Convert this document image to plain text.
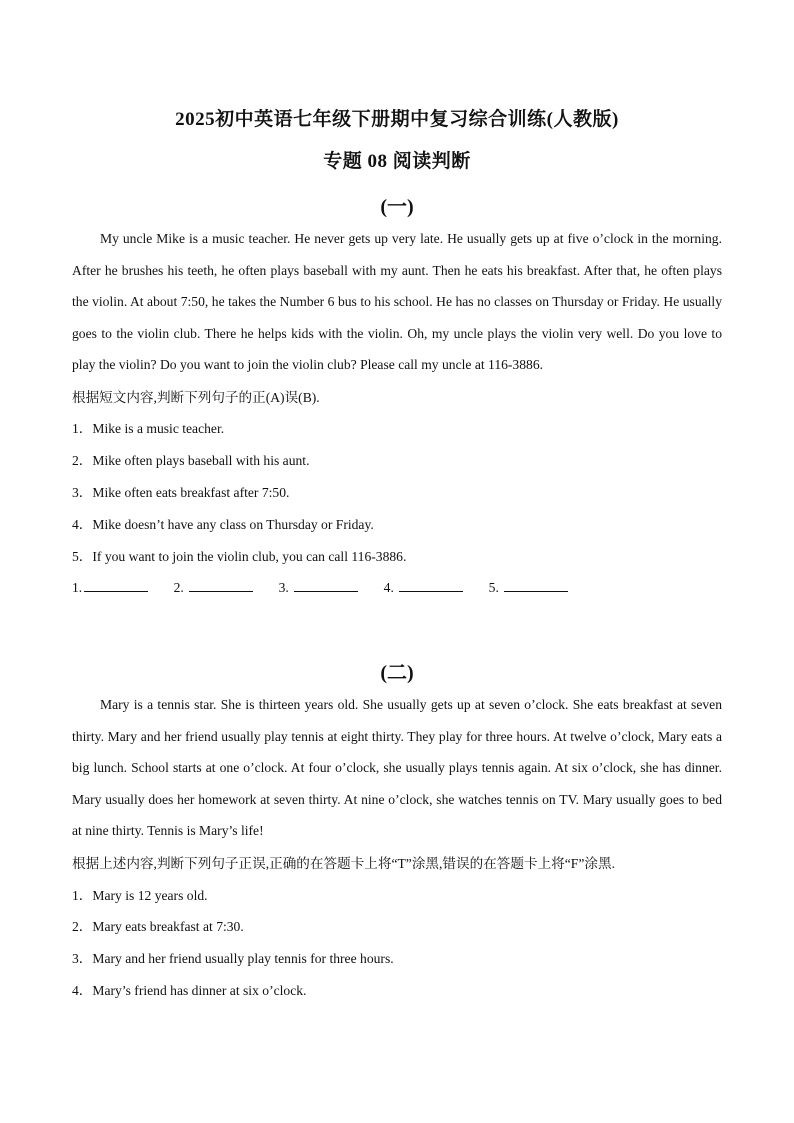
2025初中英语七年级下册期中复习综合训练(人教版)
专题 08 阅读判断
(一)

My uncle Mike is a music teacher. He never gets up very late. He usually gets up at five o’clock in the morning. After he brushes his teeth, he often plays baseball with my aunt. Then he eats his breakfast. After that, he often plays the violin. At about 7:50, he takes the Number 6 bus to his school. He has no classes on Thursday or Friday. He usually goes to the violin club. There he helps kids with the violin. Oh, my uncle plays the violin very well. Do you love to play the violin? Do you want to join the violin club? Please call my uncle at 116-3886.

根据短文内容,判断下列句子的正(A)误(B).
1．Mike is a music teacher.
2．Mike often plays baseball with his aunt.
3．Mike often eats breakfast after 7:50.
4．Mike doesn’t have any class on Thursday or Friday.
5．If you want to join the violin club, you can call 116-3886.
1.	2.	3.	4.	5.
(二)

Mary is a tennis star. She is thirteen years old. She usually gets up at seven o’clock. She eats breakfast at seven thirty. Mary and her friend usually play tennis at eight thirty. They play for three hours. At twelve o’clock, Mary eats a big lunch. School starts at one o’clock. At four o’clock, she usually plays tennis again. At six o’clock, she has dinner. Mary usually does her homework at seven thirty. At nine o’clock, she watches tennis on TV. Mary usually goes to bed at nine thirty. Tennis is Mary’s life!

根据上述内容,判断下列句子正误,正确的在答题卡上将“T”涂黑,错误的在答题卡上将“F”涂黑.
1．Mary is 12 years old.
2．Mary eats breakfast at 7:30.
3．Mary and her friend usually play tennis for three hours.
4．Mary’s friend has dinner at six o’clock.
